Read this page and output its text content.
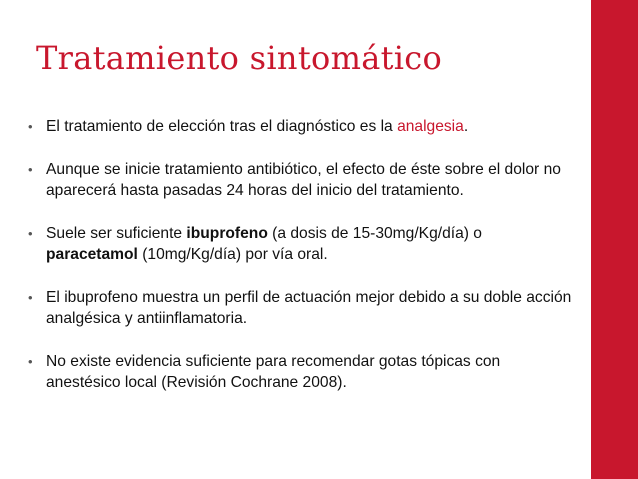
Tratamiento sintomático
• El tratamiento de elección tras el diagnóstico es la analgesia.
• Aunque se inicie tratamiento antibiótico, el efecto de éste sobre el dolor no aparecerá hasta pasadas 24 horas del inicio del tratamiento.
• Suele ser suficiente ibuprofeno (a dosis de 15-30mg/Kg/día) o paracetamol (10mg/Kg/día) por vía oral.
• El ibuprofeno muestra un perfil de actuación mejor debido a su doble acción analgésica y antiinflamatoria.
• No existe evidencia suficiente para recomendar gotas tópicas con anestésico local (Revisión Cochrane 2008).
